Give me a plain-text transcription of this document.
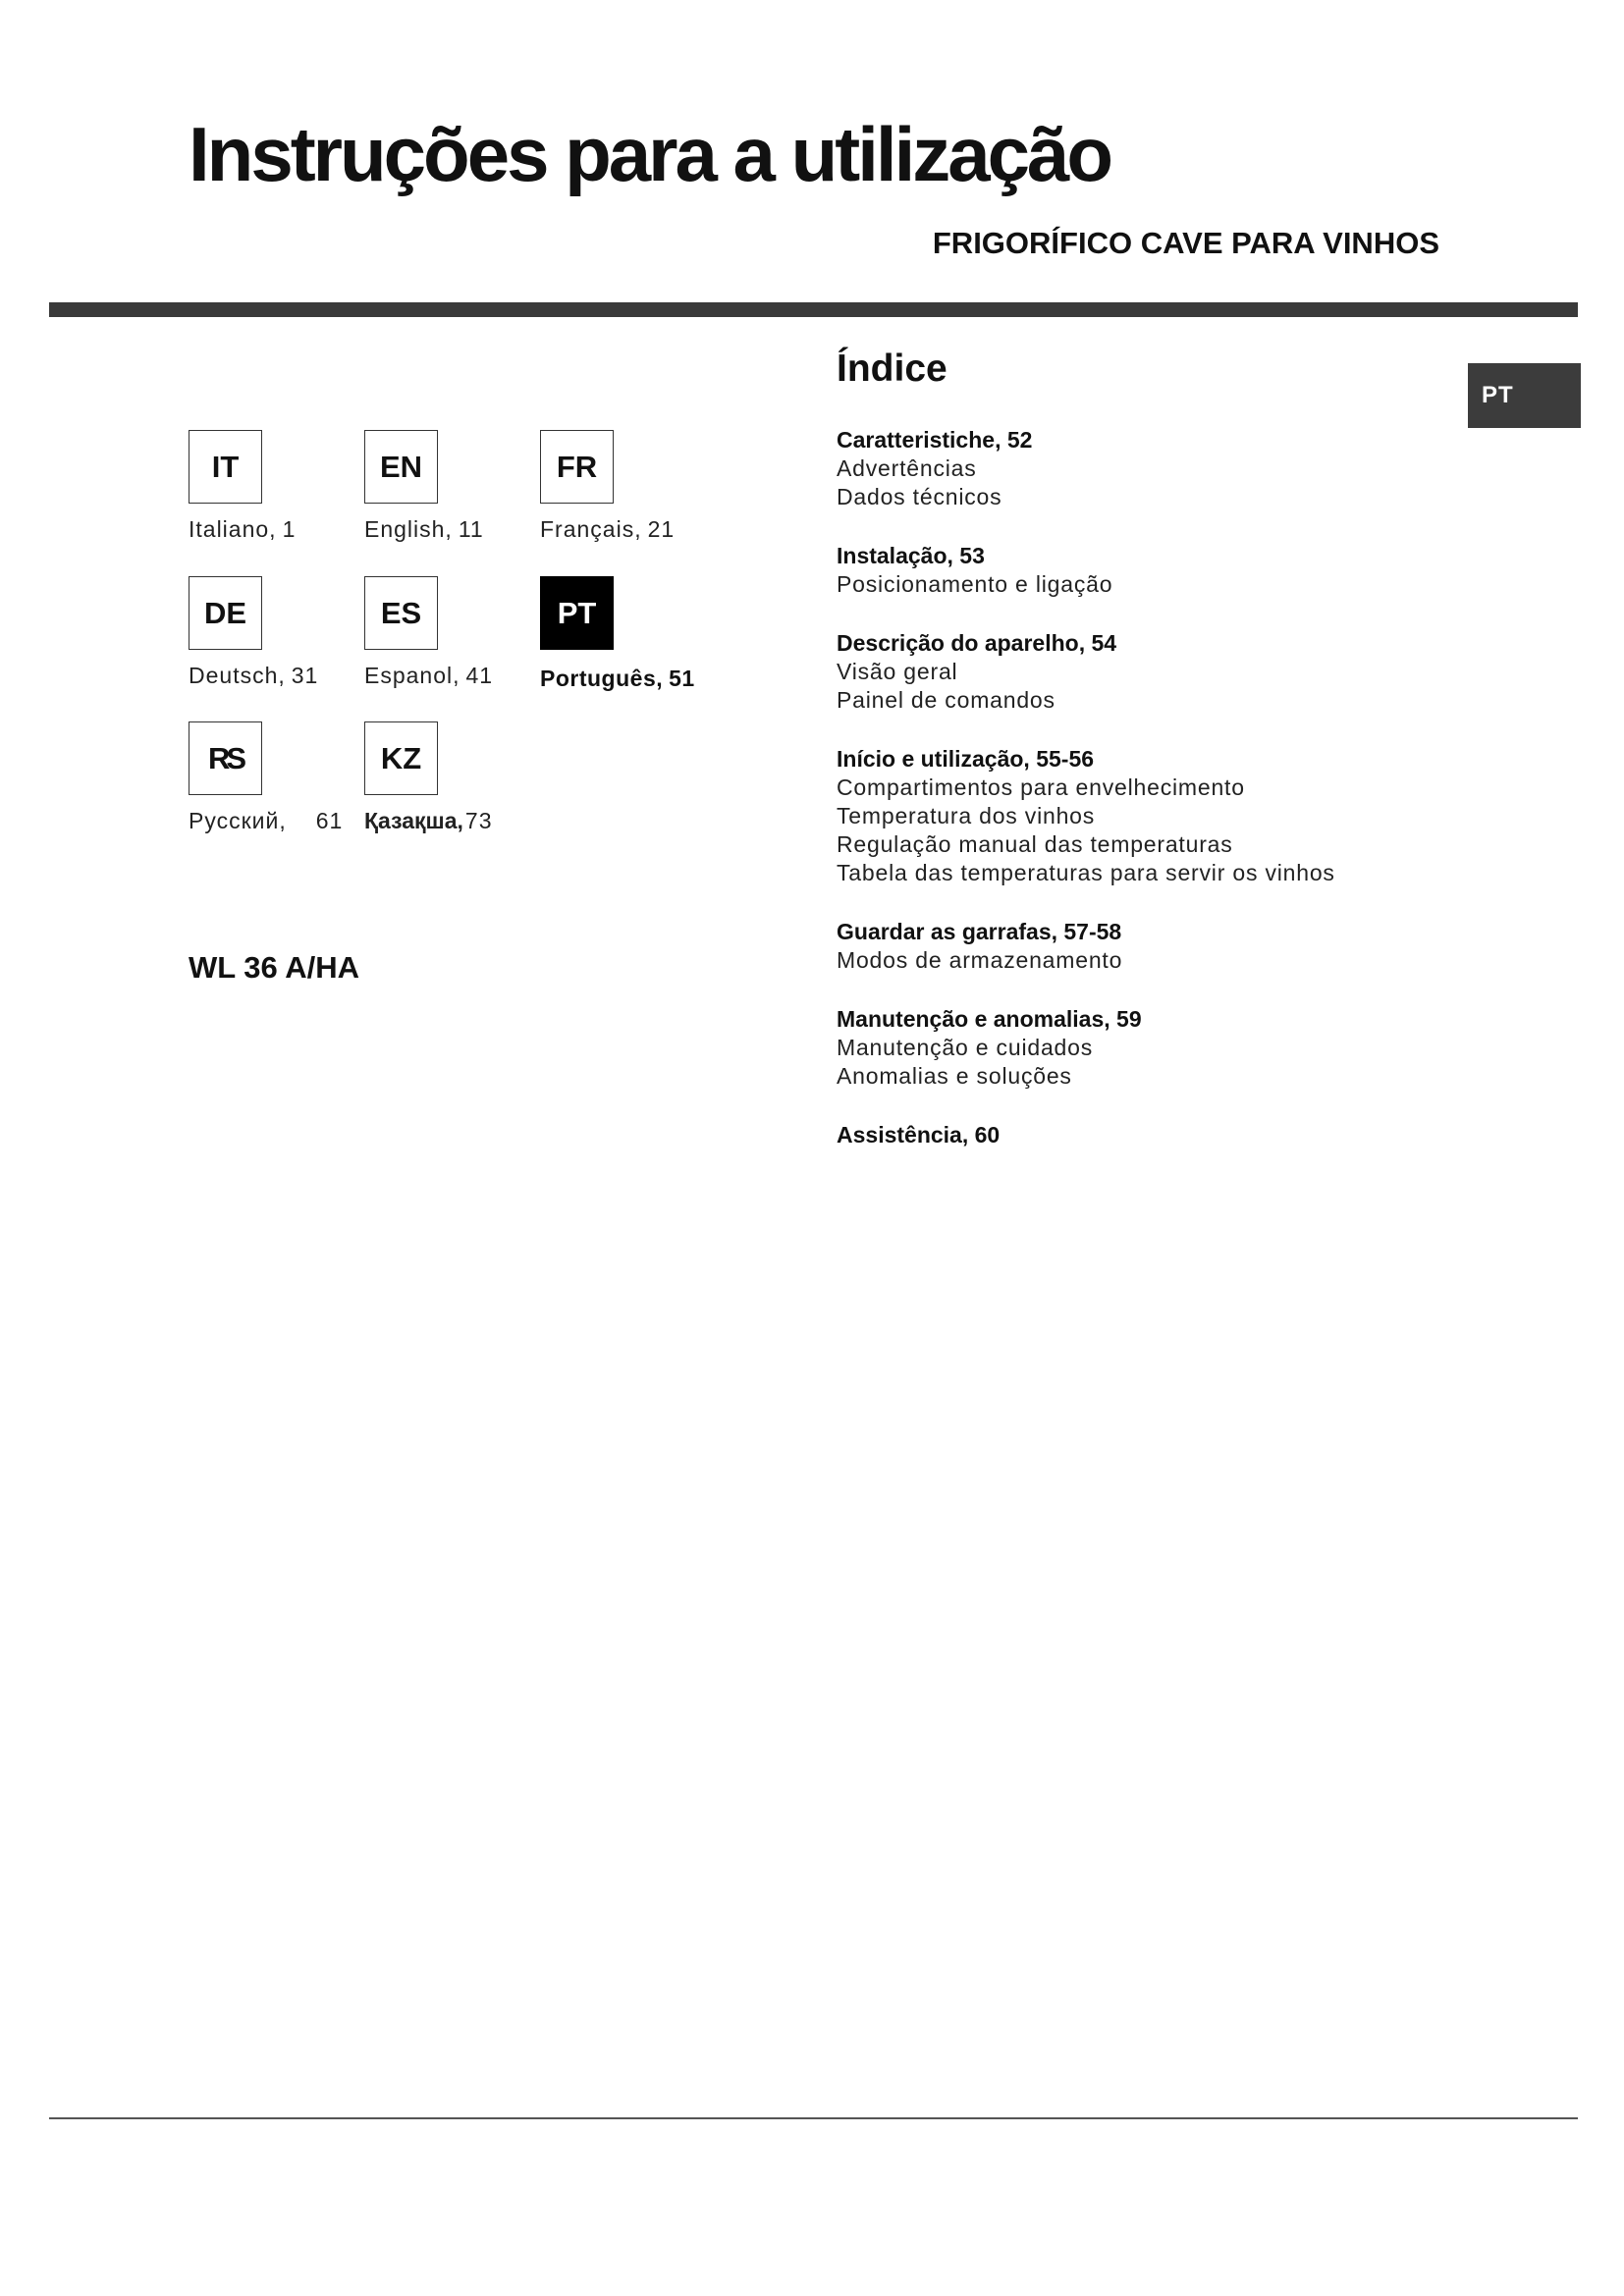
Instruções para a utilização
FRIGORÍFICO CAVE PARA VINHOS
PT
IT
Italiano, 1
EN
English, 11
FR
Français, 21
DE
Deutsch, 31
ES
Espanol, 41
PT
Português, 51
RS
Русский, 61
KZ
Қазақша,73
WL 36 A/HA
Índice
Caratteristiche, 52
Advertências
Dados técnicos
Instalação, 53
Posicionamento e ligação
Descrição do aparelho, 54
Visão geral
Painel de comandos
Início e utilização, 55-56
Compartimentos para envelhecimento
Temperatura dos vinhos
Regulação manual das temperaturas
Tabela das temperaturas para servir os vinhos
Guardar as garrafas, 57-58
Modos de armazenamento
Manutenção e anomalias, 59
Manutenção e cuidados
Anomalias e soluções
Assistência, 60
